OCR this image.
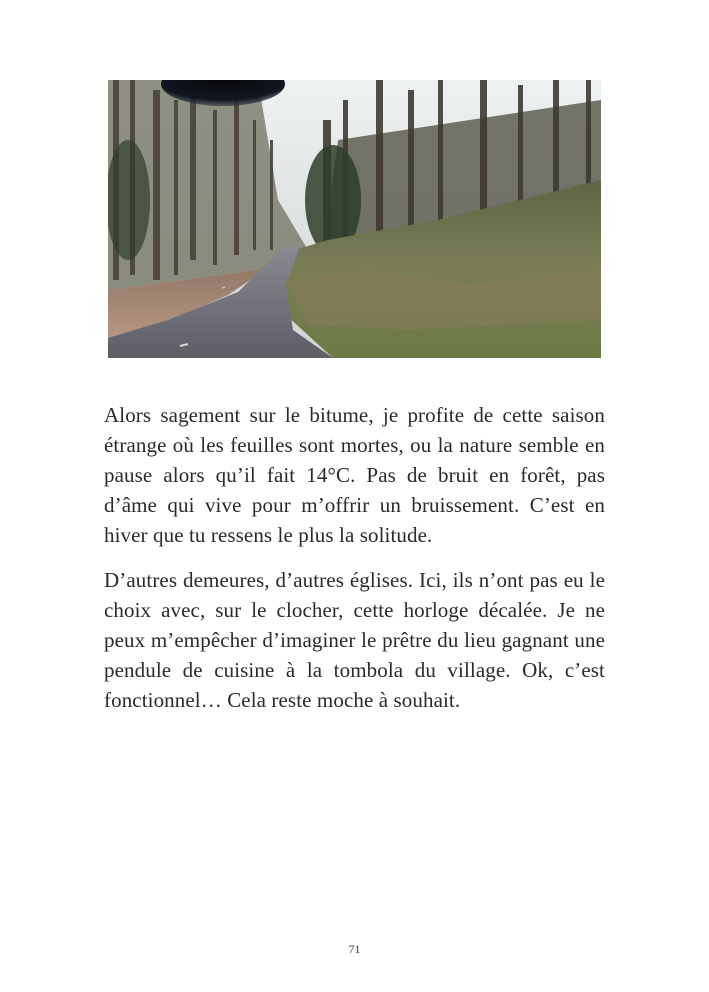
Alors sagement sur le bitume, je profite de cette saison étrange où les feuilles sont mortes, ou la nature semble en pause alors qu’il fait 14°C. Pas de bruit en forêt, pas d’âme qui vive pour m’offrir un bruissement. C’est en hiver que tu ressens le plus la solitude.

D’autres demeures, d’autres églises. Ici, ils n’ont pas eu le choix avec, sur le clocher, cette horloge décalée. Je ne peux m’empêcher d’imaginer le prêtre du lieu gagnant une pendule de cuisine à la tombola du village. Ok, c’est fonctionnel… Cela reste moche à souhait.

71
